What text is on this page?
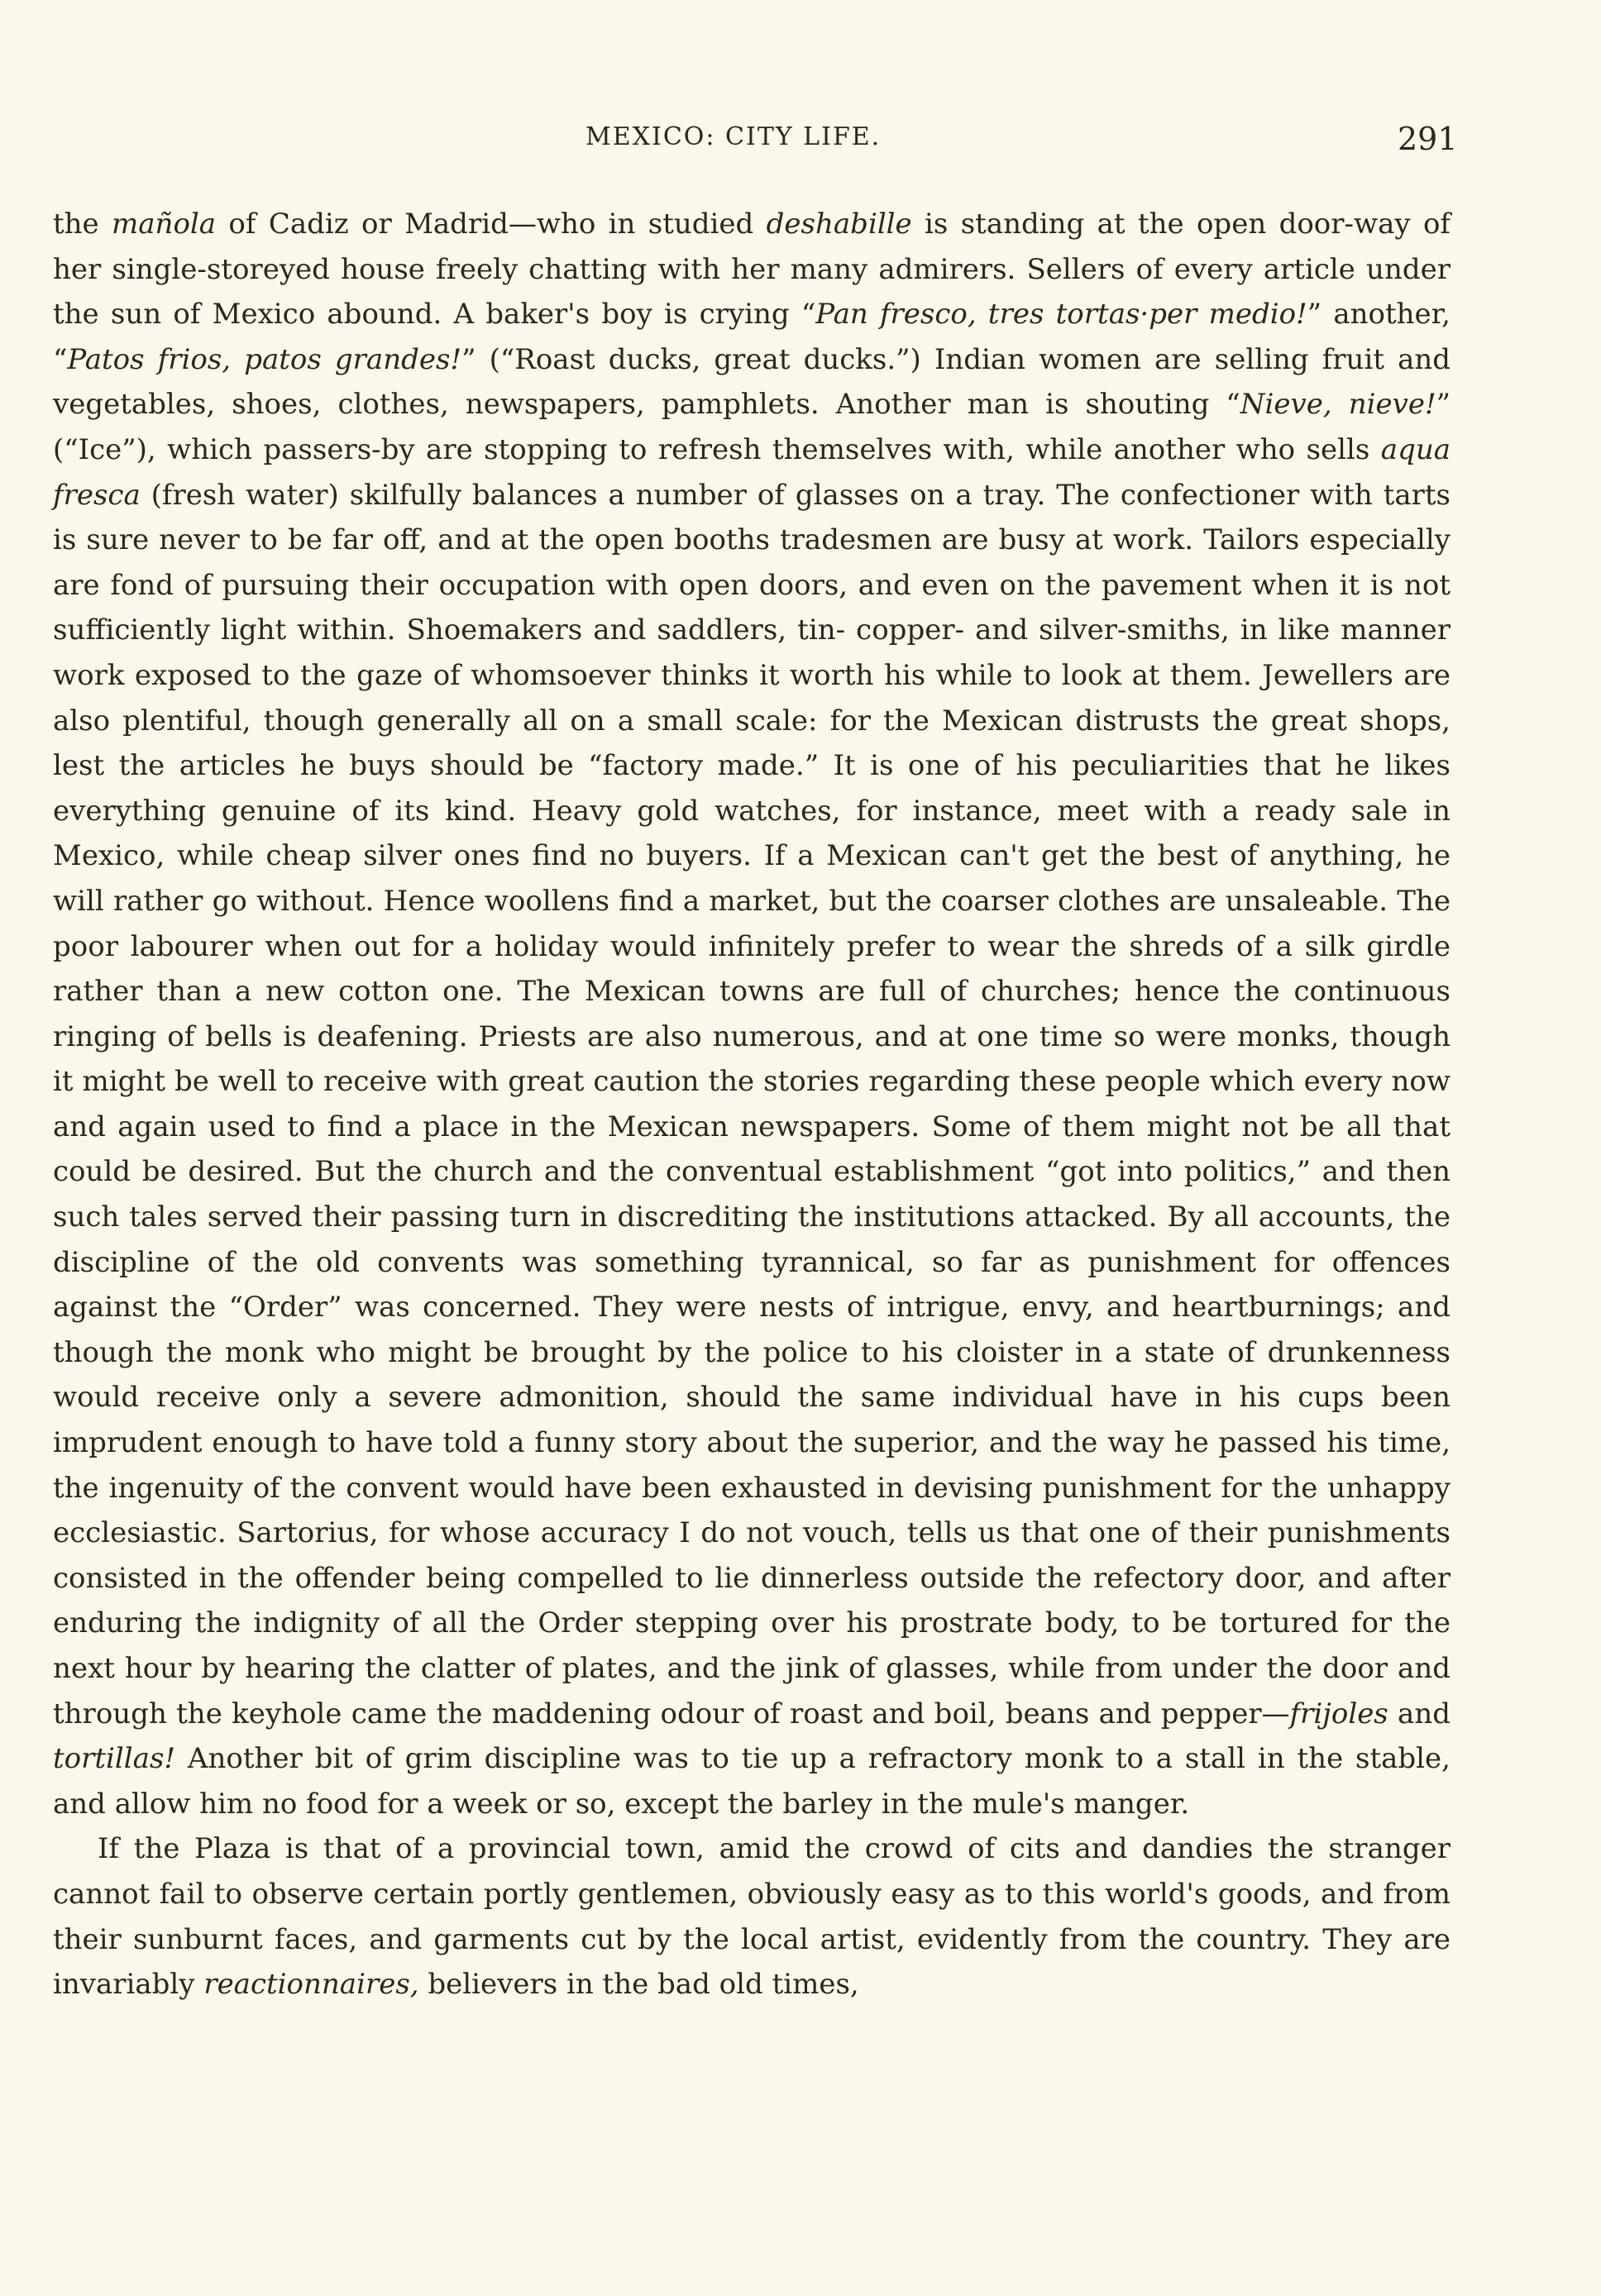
MEXICO: CITY LIFE.	291

the mañola of Cadiz or Madrid—who in studied deshabille is standing at the open door-way of her single-storeyed house freely chatting with her many admirers. Sellers of every article under the sun of Mexico abound. A baker's boy is crying “Pan fresco, tres tortas·per medio!” another, “Patos frios, patos grandes!” (“Roast ducks, great ducks.”) Indian women are selling fruit and vegetables, shoes, clothes, newspapers, pamphlets. Another man is shouting “Nieve, nieve!” (“Ice”), which passers-by are stopping to refresh themselves with, while another who sells aqua fresca (fresh water) skilfully balances a number of glasses on a tray. The confectioner with tarts is sure never to be far off, and at the open booths tradesmen are busy at work. Tailors especially are fond of pursuing their occupation with open doors, and even on the pavement when it is not sufficiently light within. Shoemakers and saddlers, tin- copper- and silver-smiths, in like manner work exposed to the gaze of whomsoever thinks it worth his while to look at them. Jewellers are also plentiful, though generally all on a small scale: for the Mexican distrusts the great shops, lest the articles he buys should be “factory made.” It is one of his peculiarities that he likes everything genuine of its kind. Heavy gold watches, for instance, meet with a ready sale in Mexico, while cheap silver ones find no buyers. If a Mexican can't get the best of anything, he will rather go without. Hence woollens find a market, but the coarser clothes are unsaleable. The poor labourer when out for a holiday would infinitely prefer to wear the shreds of a silk girdle rather than a new cotton one. The Mexican towns are full of churches; hence the continuous ringing of bells is deafening. Priests are also numerous, and at one time so were monks, though it might be well to receive with great caution the stories regarding these people which every now and again used to find a place in the Mexican newspapers. Some of them might not be all that could be desired. But the church and the conventual establishment “got into politics,” and then such tales served their passing turn in discrediting the institutions attacked. By all accounts, the discipline of the old convents was something tyrannical, so far as punishment for offences against the “Order” was concerned. They were nests of intrigue, envy, and heartburnings; and though the monk who might be brought by the police to his cloister in a state of drunkenness would receive only a severe admonition, should the same individual have in his cups been imprudent enough to have told a funny story about the superior, and the way he passed his time, the ingenuity of the convent would have been exhausted in devising punishment for the unhappy ecclesiastic. Sartorius, for whose accuracy I do not vouch, tells us that one of their punishments consisted in the offender being compelled to lie dinnerless outside the refectory door, and after enduring the indignity of all the Order stepping over his prostrate body, to be tortured for the next hour by hearing the clatter of plates, and the jink of glasses, while from under the door and through the keyhole came the maddening odour of roast and boil, beans and pepper—frijoles and tortillas! Another bit of grim discipline was to tie up a refractory monk to a stall in the stable, and allow him no food for a week or so, except the barley in the mule's manger.

If the Plaza is that of a provincial town, amid the crowd of cits and dandies the stranger cannot fail to observe certain portly gentlemen, obviously easy as to this world's goods, and from their sunburnt faces, and garments cut by the local artist, evidently from the country. They are invariably reactionnaires, believers in the bad old times,
